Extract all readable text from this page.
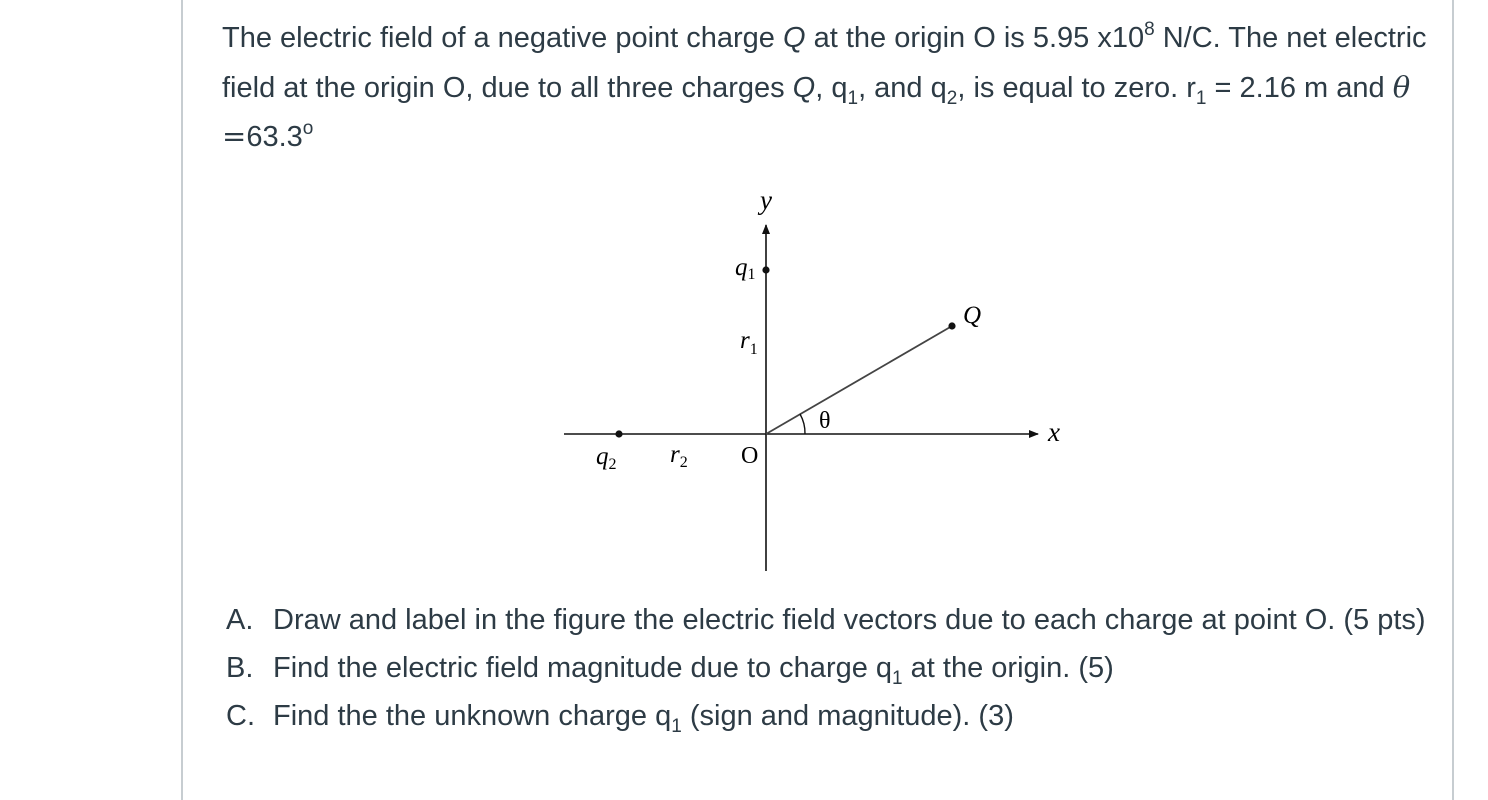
The electric field of a negative point charge Q at the origin O is 5.95 $x10^8$ N/C. The net electric field at the origin O, due to all three charges Q, $q_1$, and $q_2$, is equal to zero. $r_1 = 2.16$ m and $\theta =63.3^o$

y
x
q1
$r_1$
Q
θ
$q_2$ $r_2$ O
A. Draw and label in the figure the electric field vectors due to each charge at point O. (5 pts)
B. Find the electric field magnitude due to charge $q_1$ at the origin. (5)
C. Find the the unknown charge $q_1$ (sign and magnitude). (3)
